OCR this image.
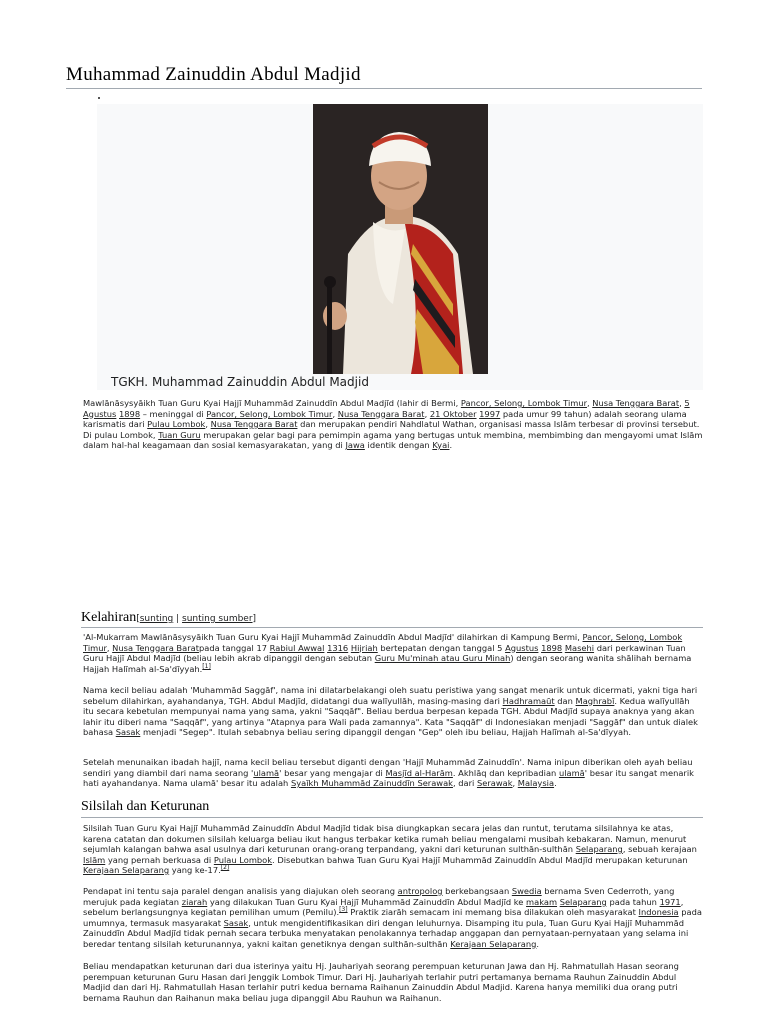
Muhammad Zainuddin Abdul Madjid
TGKH. Muhammad Zainuddin Abdul Madjid
Mawlānāsysyāikh Tuan Guru Kyai Hajjī Muhammād Zainuddīn Abdul Madjīd (lahir di Bermi, Pancor, Selong, Lombok Timur, Nusa Tenggara Barat, 5 Agustus 1898 – meninggal di Pancor, Selong, Lombok Timur, Nusa Tenggara Barat, 21 Oktober 1997 pada umur 99 tahun) adalah seorang ulama karismatis dari Pulau Lombok, Nusa Tenggara Barat dan merupakan pendiri Nahdlatul Wathan, organisasi massa Islām terbesar di provinsi tersebut. Di pulau Lombok, Tuan Guru merupakan gelar bagi para pemimpin agama yang bertugas untuk membina, membimbing dan mengayomi umat Islām dalam hal-hal keagamaan dan sosial kemasyarakatan, yang di Jawa identik dengan Kyai.
Kelahiran[sunting | sunting sumber]
'Al-Mukarram Mawlānāsysyāikh Tuan Guru Kyai Hajjī Muhammād Zainuddīn Abdul Madjīd' dilahirkan di Kampung Bermi, Pancor, Selong, Lombok Timur, Nusa Tenggara Baratpada tanggal 17 Rabiul Awwal 1316 Hijriah bertepatan dengan tanggal 5 Agustus 1898 Masehi dari perkawinan Tuan Guru Hajjī Abdul Madjīd (beliau lebih akrab dipanggil dengan sebutan Guru Mu'minah atau Guru Minah) dengan seorang wanita shālihah bernama Hajjah Halīmah al-Sa'dīyyah.[1]
Nama kecil beliau adalah 'Muhammād Saggāf', nama ini dilatarbelakangi oleh suatu peristiwa yang sangat menarik untuk dicermati, yakni tiga hari sebelum dilahirkan, ayahandanya, TGH. Abdul Madjīd, didatangi dua walīyullāh, masing-masing dari Hadhramaūt dan Maghrabī. Kedua walīyullāh itu secara kebetulan mempunyai nama yang sama, yakni "Saqqāf". Beliau berdua berpesan kepada TGH. Abdul Madjīd supaya anaknya yang akan lahir itu diberi nama "Saqqāf", yang artinya "Atapnya para Wali pada zamannya". Kata "Saqqāf" di Indonesiakan menjadi "Saggāf" dan untuk dialek bahasa Sasak menjadi "Segep". Itulah sebabnya beliau sering dipanggil dengan "Gep" oleh ibu beliau, Hajjah Halīmah al-Sa'dīyyah.
Setelah menunaikan ibadah hajjī, nama kecil beliau tersebut diganti dengan 'Hajjī Muhammād Zainuddīn'. Nama inipun diberikan oleh ayah beliau sendiri yang diambil dari nama seorang 'ulamā' besar yang mengajar di Masjīd al-Harām. Akhlāq dan kepribadian ulamā' besar itu sangat menarik hati ayahandanya. Nama ulamā' besar itu adalah Syaīkh Muhammād Zainuddīn Serawak, dari Serawak, Malaysia.
Silsilah dan Keturunan
Silsilah Tuan Guru Kyai Hajjī Muhammād Zainuddīn Abdul Madjīd tidak bisa diungkapkan secara jelas dan runtut, terutama silsilahnya ke atas, karena catatan dan dokumen silsilah keluarga beliau ikut hangus terbakar ketika rumah beliau mengalami musibah kebakaran. Namun, menurut sejumlah kalangan bahwa asal usulnya dari keturunan orang-orang terpandang, yakni dari keturunan sulthān-sulthān Selaparang, sebuah kerajaan Islām yang pernah berkuasa di Pulau Lombok. Disebutkan bahwa Tuan Guru Kyai Hajjī Muhammād Zainuddīn Abdul Madjīd merupakan keturunan Kerajaan Selaparang yang ke-17.[2]
Pendapat ini tentu saja paralel dengan analisis yang diajukan oleh seorang antropolog berkebangsaan Swedia bernama Sven Cederroth, yang merujuk pada kegiatan ziarah yang dilakukan Tuan Guru Kyai Hajjī Muhammād Zainuddīn Abdul Madjīd ke makam Selaparang pada tahun 1971, sebelum berlangsungnya kegiatan pemilihan umum (Pemilu).[3] Praktik ziarāh semacam ini memang bisa dilakukan oleh masyarakat Indonesia pada umumnya, termasuk masyarakat Sasak, untuk mengidentifikasikan diri dengan leluhurnya. Disamping itu pula, Tuan Guru Kyai Hajjī Muhammād Zainuddīn Abdul Madjīd tidak pernah secara terbuka menyatakan penolakannya terhadap anggapan dan pernyataan-pernyataan yang selama ini beredar tentang silsilah keturunannya, yakni kaitan genetiknya dengan sulthān-sulthān Kerajaan Selaparang.
Beliau mendapatkan keturunan dari dua isterinya yaitu Hj. Jauhariyah seorang perempuan keturunan Jawa dan Hj. Rahmatullah Hasan seorang perempuan keturunan Guru Hasan dari Jenggik Lombok Timur. Dari Hj. Jauhariyah terlahir putri pertamanya bernama Rauhun Zainuddin Abdul Madjid dan dari Hj. Rahmatullah Hasan terlahir putri kedua bernama Raihanun Zainuddin Abdul Madjid. Karena hanya memiliki dua orang putri bernama Rauhun dan Raihanun maka beliau juga dipanggil Abu Rauhun wa Raihanun.
